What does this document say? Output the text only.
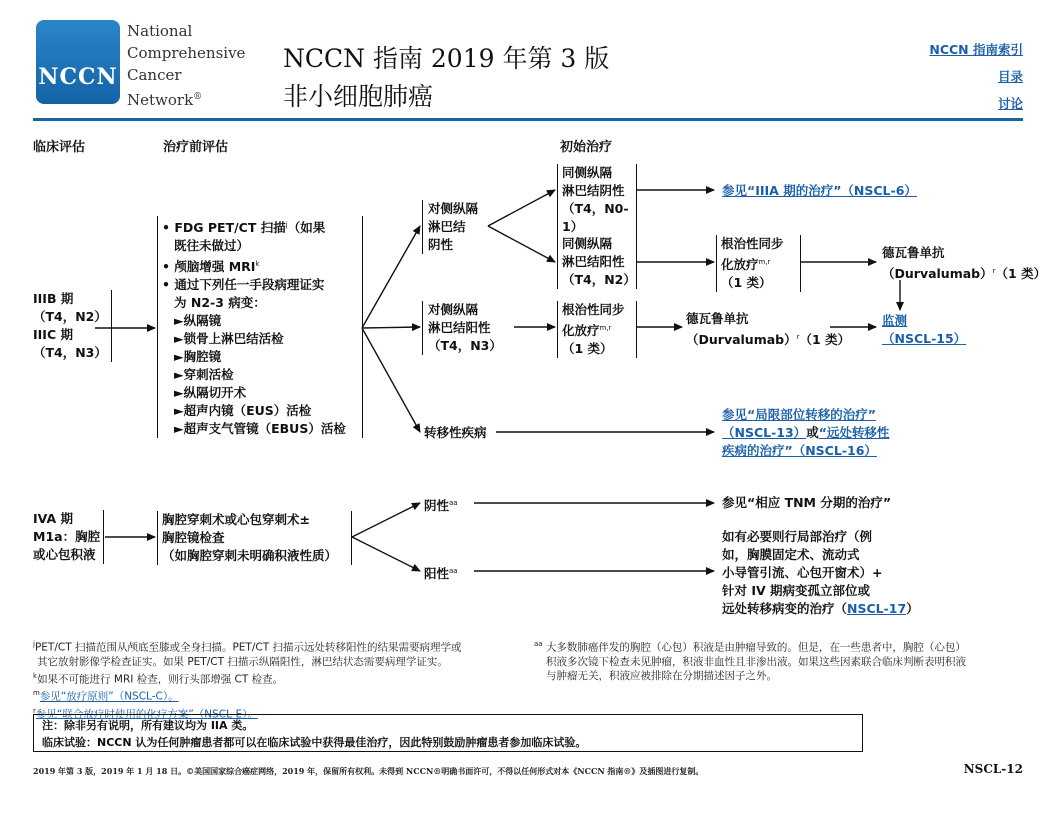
NCCN
National
Comprehensive
Cancer
Network®
NCCN 指南 2019 年第 3 版
非小细胞肺癌
NCCN 指南索引
目录
讨论
临床评估	治疗前评估	初始治疗
IIIB 期
（T4，N2）
IIIC 期
（T4，N3）
IVA 期
M1a：胸腔
或心包积液
• FDG PET/CT 扫描$^j$（如果
既往未做过）
• 颅脑增强 MRI$^k$
• 通过下列任一手段病理证实
为 N2-3 病变：
►纵隔镜
►锁骨上淋巴结活检
►胸腔镜
►穿刺活检
►纵隔切开术
►超声内镜（EUS）活检
►超声支气管镜（EBUS）活检
胸腔穿刺术或心包穿刺术±
胸腔镜检查
（如胸腔穿刺未明确积液性质）
对侧纵隔
淋巴结
阴性
对侧纵隔
淋巴结阳性
（T4，N3）
转移性疾病
同侧纵隔
淋巴结阴性
（T4，N0-1）
同侧纵隔
淋巴结阳性
（T4，N2）
根治性同步
化放疗$^{m,r}$
（1 类）
根治性同步
化放疗$^{m,r}$
（1 类）
阴性$^{aa}$
阳性$^{aa}$
参见“IIIA 期的治疗”（NSCL-6）
德瓦鲁单抗
（Durvalumab）$^r$（1 类）
德瓦鲁单抗
（Durvalumab）$^r$（1 类）
监测
（NSCL-15）
参见“局限部位转移的治疗”
（NSCL-13）或“远处转移性
疾病的治疗”（NSCL-16）
参见“相应 TNM 分期的治疗”
如有必要则行局部治疗（例
如，胸膜固定术、流动式
小导管引流、心包开窗术）+
针对 IV 期病变孤立部位或
远处转移病变的治疗（NSCL-17）
$^j$PET/CT 扫描范围从颅底至膝或全身扫描。PET/CT 扫描示远处转移阳性的结果需要病理学或
其它放射影像学检查证实。如果 PET/CT 扫描示纵隔阳性，淋巴结状态需要病理学证实。
$^k$如果不可能进行 MRI 检查，则行头部增强 CT 检查。
$^m$参见“放疗原则”（NSCL-C）。
$^r$参见“联合放疗时使用的化疗方案”（NSCL-E）。
$^{aa}$ 大多数肺癌伴发的胸腔（心包）积液是由肿瘤导致的。但是，在一些患者中，胸腔（心包）
积液多次镜下检查未见肿瘤，积液非血性且非渗出液。如果这些因素联合临床判断表明积液
与肿瘤无关，积液应被排除在分期描述因子之外。
注：除非另有说明，所有建议均为 IIA 类。
临床试验：NCCN 认为任何肿瘤患者都可以在临床试验中获得最佳治疗，因此特别鼓励肿瘤患者参加临床试验。
2019 年第 3 版，2019 年 1 月 18 日。©美国国家综合癌症网络，2019 年，保留所有权利。未得到 NCCN®明确书面许可，不得以任何形式对本《NCCN 指南®》及插图进行复制。	NSCL-12
